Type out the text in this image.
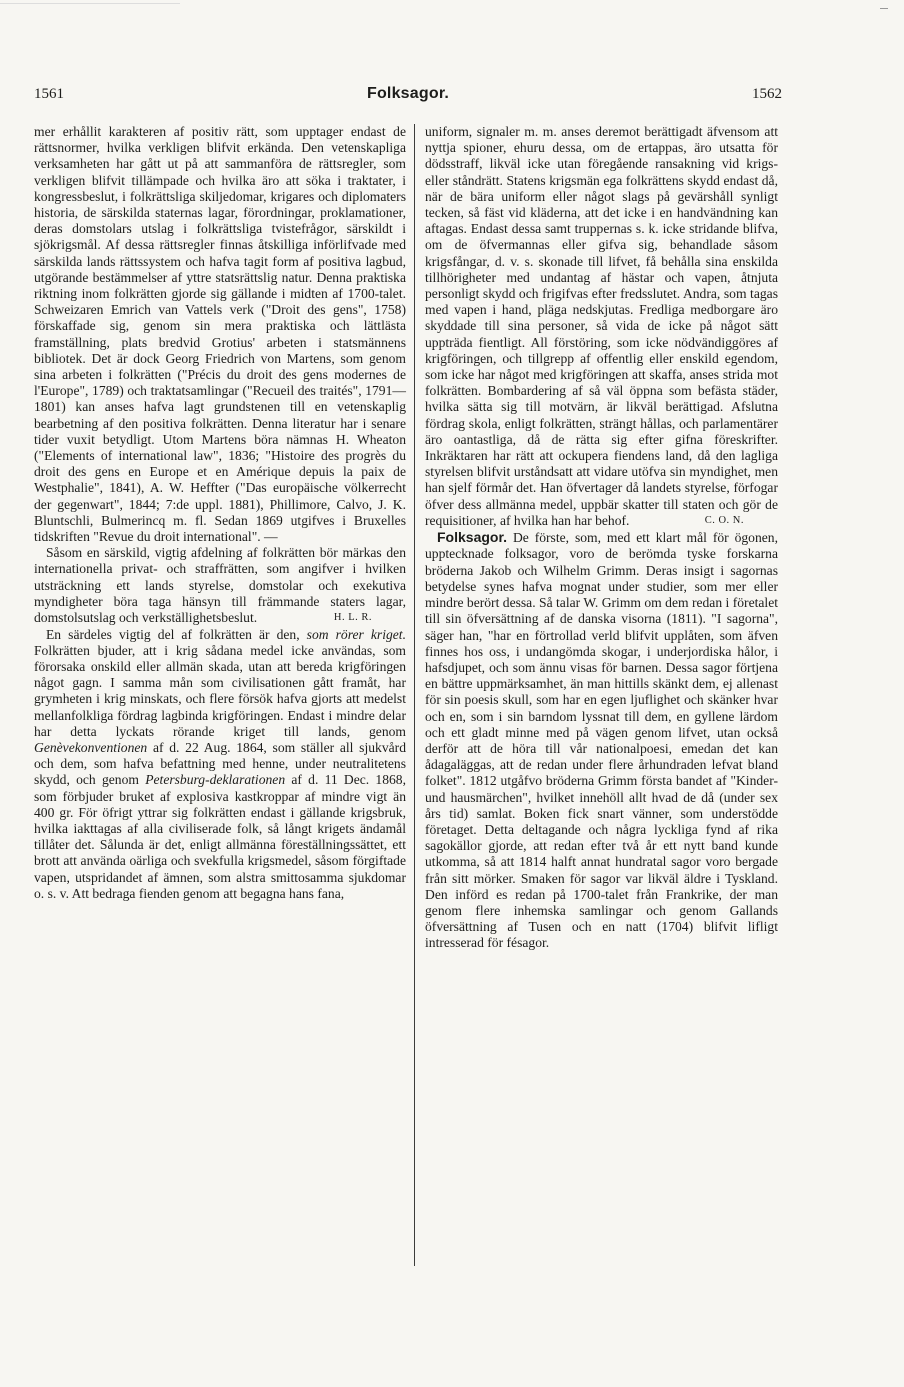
1561	Folksagor.	1562

mer erhållit karakteren af positiv rätt, som upptager endast de rättsnormer, hvilka verkligen blifvit erkända. Den vetenskapliga verksamheten har gått ut på att sammanföra de rättsregler, som verkligen blifvit tillämpade och hvilka äro att söka i traktater, i kongressbeslut, i folkrättsliga skiljedomar, krigares och diplomaters historia, de särskilda staternas lagar, förordningar, proklamationer, deras domstolars utslag i folkrättsliga tvistefrågor, särskildt i sjökrigsmål. Af dessa rättsregler finnas åtskilliga införlifvade med särskilda lands rättssystem och hafva tagit form af positiva lagbud, utgörande bestämmelser af yttre statsrättslig natur. Denna praktiska riktning inom folkrätten gjorde sig gällande i midten af 1700-talet. Schweizaren Emrich van Vattels verk ("Droit des gens", 1758) förskaffade sig, genom sin mera praktiska och lättlästa framställning, plats bredvid Grotius' arbeten i statsmännens bibliotek. Det är dock Georg Friedrich von Martens, som genom sina arbeten i folkrätten ("Précis du droit des gens modernes de l'Europe", 1789) och traktatsamlingar ("Recueil des traités", 1791—1801) kan anses hafva lagt grundstenen till en vetenskaplig bearbetning af den positiva folkrätten. Denna literatur har i senare tider vuxit betydligt. Utom Martens böra nämnas H. Wheaton ("Elements of international law", 1836; "Histoire des progrès du droit des gens en Europe et en Amérique depuis la paix de Westphalie", 1841), A. W. Heffter ("Das europäische völkerrecht der gegenwart", 1844; 7:de uppl. 1881), Phillimore, Calvo, J. K. Bluntschli, Bulmerincq m. fl. Sedan 1869 utgifves i Bruxelles tidskriften "Revue du droit international". —

Såsom en särskild, vigtig afdelning af folkrätten bör märkas den internationella privat- och straffrätten, som angifver i hvilken utsträckning ett lands styrelse, domstolar och exekutiva myndigheter böra taga hänsyn till främmande staters lagar, domstolsutslag och verkställighetsbeslut.	H. L. R.

En särdeles vigtig del af folkrätten är den, som rörer kriget. Folkrätten bjuder, att i krig sådana medel icke användas, som förorsaka onskild eller allmän skada, utan att bereda krigföringen något gagn. I samma mån som civilisationen gått framåt, har grymheten i krig minskats, och flere försök hafva gjorts att medelst mellanfolkliga fördrag lagbinda krigföringen. Endast i mindre delar har detta lyckats rörande kriget till lands, genom Genèvekonventionen af d. 22 Aug. 1864, som ställer all sjukvård och dem, som hafva befattning med henne, under neutralitetens skydd, och genom Petersburg-deklarationen af d. 11 Dec. 1868, som förbjuder bruket af explosiva kastkroppar af mindre vigt än 400 gr. För öfrigt yttrar sig folkrätten endast i gällande krigsbruk, hvilka iakttagas af alla civiliserade folk, så långt krigets ändamål tillåter det. Sålunda är det, enligt allmänna föreställningssättet, ett brott att använda oärliga och svekfulla krigsmedel, såsom förgiftade vapen, utspridandet af ämnen, som alstra smittosamma sjukdomar o. s. v. Att bedraga fienden genom att begagna hans fana,

uniform, signaler m. m. anses deremot berättigadt äfvensom att nyttja spioner, ehuru dessa, om de ertappas, äro utsatta för dödsstraff, likväl icke utan föregående ransakning vid krigs- eller ståndrätt. Statens krigsmän ega folkrättens skydd endast då, när de bära uniform eller något slags på gevärshåll synligt tecken, så fäst vid kläderna, att det icke i en handvändning kan aftagas. Endast dessa samt truppernas s. k. icke stridande blifva, om de öfvermannas eller gifva sig, behandlade såsom krigsfångar, d. v. s. skonade till lifvet, få behålla sina enskilda tillhörigheter med undantag af hästar och vapen, åtnjuta personligt skydd och frigifvas efter fredsslutet. Andra, som tagas med vapen i hand, pläga nedskjutas. Fredliga medborgare äro skyddade till sina personer, så vida de icke på något sätt uppträda fientligt. All förstöring, som icke nödvändiggöres af krigföringen, och tillgrepp af offentlig eller enskild egendom, som icke har något med krigföringen att skaffa, anses strida mot folkrätten. Bombardering af så väl öppna som befästa städer, hvilka sätta sig till motvärn, är likväl berättigad. Afslutna fördrag skola, enligt folkrätten, strängt hållas, och parlamentärer äro oantastliga, då de rätta sig efter gifna föreskrifter. Inkräktaren har rätt att ockupera fiendens land, då den lagliga styrelsen blifvit urståndsatt att vidare utöfva sin myndighet, men han sjelf förmår det. Han öfvertager då landets styrelse, förfogar öfver dess allmänna medel, uppbär skatter till staten och gör de requisitioner, af hvilka han har behof.	C. O. N.

Folksagor. De förste, som, med ett klart mål för ögonen, upptecknade folksagor, voro de berömda tyske forskarna bröderna Jakob och Wilhelm Grimm. Deras insigt i sagornas betydelse synes hafva mognat under studier, som mer eller mindre berört dessa. Så talar W. Grimm om dem redan i företalet till sin öfversättning af de danska visorna (1811). "I sagorna", säger han, "har en förtrollad verld blifvit upplåten, som äfven finnes hos oss, i undangömda skogar, i underjordiska hålor, i hafsdjupet, och som ännu visas för barnen. Dessa sagor förtjena en bättre uppmärksamhet, än man hittills skänkt dem, ej allenast för sin poesis skull, som har en egen ljuflighet och skänker hvar och en, som i sin barndom lyssnat till dem, en gyllene lärdom och ett gladt minne med på vägen genom lifvet, utan också derför att de höra till vår nationalpoesi, emedan det kan ådagaläggas, att de redan under flere århundraden lefvat bland folket". 1812 utgåfvo bröderna Grimm första bandet af "Kinder- und hausmärchen", hvilket innehöll allt hvad de då (under sex års tid) samlat. Boken fick snart vänner, som understödde företaget. Detta deltagande och några lyckliga fynd af rika sagokällor gjorde, att redan efter två år ett nytt band kunde utkomma, så att 1814 halft annat hundratal sagor voro bergade från sitt mörker. Smaken för sagor var likväl äldre i Tyskland. Den införd es redan på 1700-talet från Frankrike, der man genom flere inhemska samlingar och genom Gallands öfversättning af Tusen och en natt (1704) blifvit lifligt intresserad för fésagor.
